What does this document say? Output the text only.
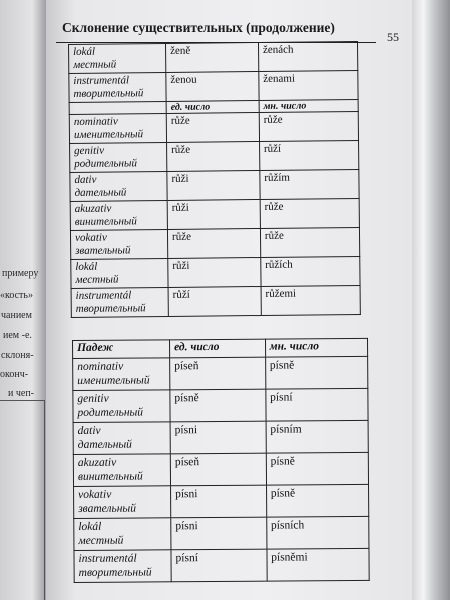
примеру
«кость»
чанием
ием -е.
склоня-
оконч-
и чеп-
Склонение существительных (продолжение)
55
lokál
местный	ženě	ženách

instrumentál
творительный	ženou	ženami
	ед. число	мн. число

nominativ
именительный	růže	růže

genitiv
родительный	růže	růží

dativ
дательный	růži	růžím

akuzativ
винительный	růži	růže

vokativ
звательный	růže	růže

lokál
местный	růži	růžích

instrumentál
творительный	růží	růžemi
Падеж	ед. число	мн. число

nominativ
именительный	píseň	písně

genitiv
родительный	písně	písní

dativ
дательный	písni	písním

akuzativ
винительный	píseň	písně

vokativ
звательный	písni	písně

lokál
местный	písni	písních

instrumentál
творительный	písní	písněmi
